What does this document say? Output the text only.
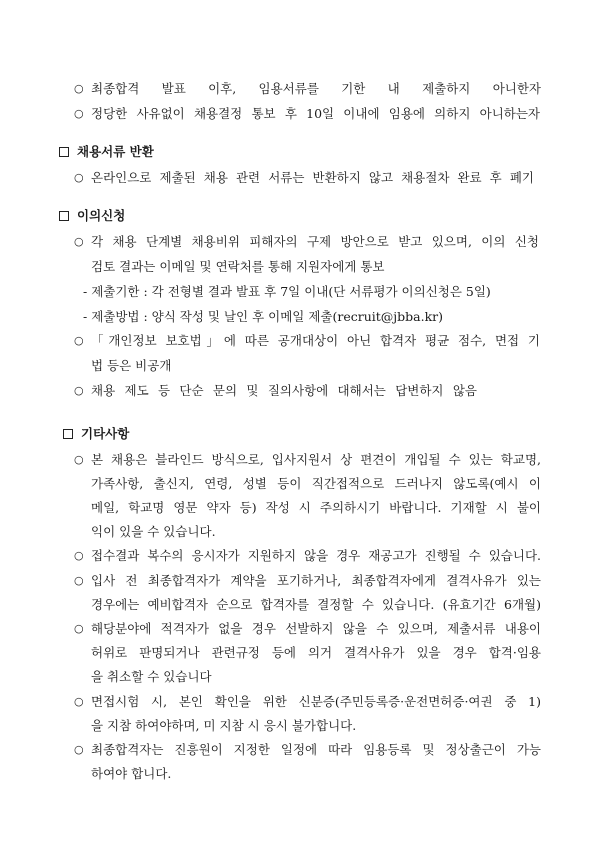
○ 최종합격 발표 이후, 임용서류를 기한 내 제출하지 아니한자
○ 정당한 사유없이 채용결정 통보 후 10일 이내에 임용에 의하지 아니하는자
채용서류 반환
○ 온라인으로 제출된 채용 관련 서류는 반환하지 않고 채용절차 완료 후 폐기
이의신청
○ 각 채용 단계별 채용비위 피해자의 구제 방안으로 받고 있으며, 이의 신청
검토 결과는 이메일 및 연락처를 통해 지원자에게 통보
- 제출기한 : 각 전형별 결과 발표 후 7일 이내(단 서류평가 이의신청은 5일)
- 제출방법 : 양식 작성 및 날인 후 이메일 제출(recruit@jbba.kr)
○ 「개인정보 보호법」에 따른 공개대상이 아닌 합격자 평균 점수, 면접 기
법 등은 비공개
○ 채용 제도 등 단순 문의 및 질의사항에 대해서는 답변하지 않음
기타사항
○ 본 채용은 블라인드 방식으로, 입사지원서 상 편견이 개입될 수 있는 학교명,
가족사항, 출신지, 연령, 성별 등이 직간접적으로 드러나지 않도록(예시 이
메일, 학교명 영문 약자 등) 작성 시 주의하시기 바랍니다. 기재할 시 불이
익이 있을 수 있습니다.
○ 접수결과 복수의 응시자가 지원하지 않을 경우 재공고가 진행될 수 있습니다.
○ 입사 전 최종합격자가 계약을 포기하거나, 최종합격자에게 결격사유가 있는
경우에는 예비합격자 순으로 합격자를 결정할 수 있습니다. (유효기간 6개월)
○ 해당분야에 적격자가 없을 경우 선발하지 않을 수 있으며, 제출서류 내용이
허위로 판명되거나 관련규정 등에 의거 결격사유가 있을 경우 합격·임용
을 취소할 수 있습니다
○ 면접시험 시, 본인 확인을 위한 신분증(주민등록증·운전면허증·여권 중 1)
을 지참 하여야하며, 미 지참 시 응시 불가합니다.
○ 최종합격자는 진흥원이 지정한 일정에 따라 임용등록 및 정상출근이 가능
하여야 합니다.
